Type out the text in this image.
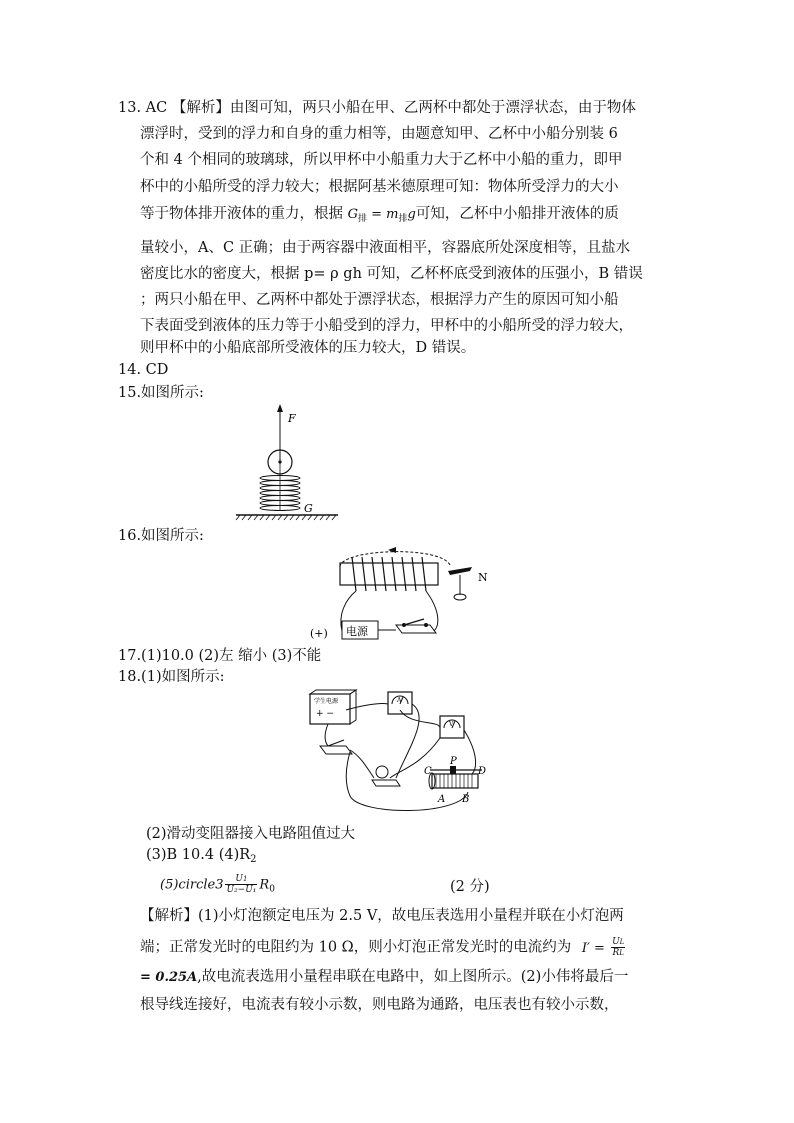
13. AC 【解析】由图可知，两只小船在甲、乙两杯中都处于漂浮状态，由于物体
漂浮时，受到的浮力和自身的重力相等，由题意知甲、乙杯中小船分别装 6
个和 4 个相同的玻璃球，所以甲杯中小船重力大于乙杯中小船的重力，即甲
杯中的小船所受的浮力较大；根据阿基米德原理可知：物体所受浮力的大小
等于物体排开液体的重力，根据 $G_排 = m_排g$可知，乙杯中小船排开液体的质
量较小，A、C 正确；由于两容器中液面相平，容器底所处深度相等，且盐水
密度比水的密度大，根据 p= ρ gh 可知，乙杯杯底受到液体的压强小，B 错误
；两只小船在甲、乙两杯中都处于漂浮状态，根据浮力产生的原因可知小船
下表面受到液体的压力等于小船受到的浮力，甲杯中的小船所受的浮力较大，
则甲杯中的小船底部所受液体的压力较大，D 错误。
14. CD
15.如图所示:
F
G
16.如图所示:
N
(+) 电源
17.(1)10.0 (2)左 缩小 (3)不能
18.(1)如图所示:
学生电源
+ −
A
V
C
P
D
A B
(2)滑动变阻器接入电路阻值过大
(3)B 10.4 $(4)R_2$
(5)circle3 $\frac{U1}{\text{U₂−U₁}} R_0$	(2 分)
【解析】(1)小灯泡额定电压为 2.5 V，故电压表选用小量程并联在小灯泡两
端；正常发光时的电阻约为 10 Ω，则小灯泡正常发光时的电流约为 $I' = \frac{UL}{RL}$
= 0.25A,故电流表选用小量程串联在电路中，如上图所示。(2)小伟将最后一
根导线连接好，电流表有较小示数，则电路为通路，电压表也有较小示数，
